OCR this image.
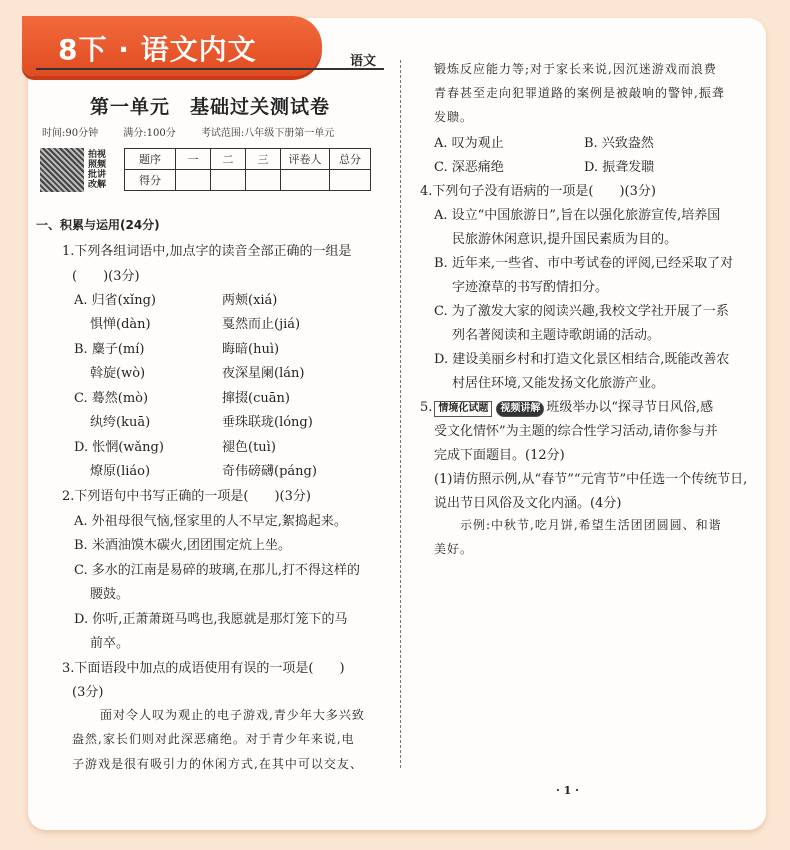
8下 · 语文内文	语文
第一单元　基础过关测试卷
时间:90分钟	满分:100分	考试范围:八年级下册第一单元
拍视照频批讲改解
题序	一	二	三	评卷人	总分
得分					
一、积累与运用(24分)
1.下列各组词语中,加点字的读音全部正确的一组是
(　　)(3分)
A. 归省(xǐng)	两颊(xiá)
惧惮(dàn)	戛然而止(jiá)
B. 麋子(mí)	晦暗(huì)
斡旋(wò)	夜深星阑(lán)
C. 蓦然(mò)	撺掇(cuān)
纨绔(kuā)	垂珠联珑(lóng)
D. 怅惘(wǎng)	褪色(tuì)
燎原(liáo)	奇伟磅礴(páng)
2.下列语句中书写正确的一项是(　　)(3分)
A. 外祖母很气恼,怪家里的人不早定,絮捣起来。
B. 米酒油馍木碳火,团团围定炕上坐。
C. 多水的江南是易碎的玻璃,在那儿,打不得这样的
腰鼓。
D. 你听,正萧萧斑马鸣也,我愿就是那灯笼下的马
前卒。
3.下面语段中加点的成语使用有误的一项是(　　)
(3分)
面对令人叹为观止的电子游戏,青少年大多兴致
盎然,家长们则对此深恶痛绝。对于青少年来说,电
子游戏是很有吸引力的休闲方式,在其中可以交友、
锻炼反应能力等;对于家长来说,因沉迷游戏而浪费
青春甚至走向犯罪道路的案例是被敲响的警钟,振聋
发聩。
A. 叹为观止	B. 兴致盎然
C. 深恶痛绝	D. 振聋发聩
4.下列句子没有语病的一项是(　　)(3分)
A. 设立“中国旅游日”,旨在以强化旅游宣传,培养国
民旅游休闲意识,提升国民素质为目的。
B. 近年来,一些省、市中考试卷的评阅,已经采取了对
字迹潦草的书写酌情扣分。
C. 为了激发大家的阅读兴趣,我校文学社开展了一系
列名著阅读和主题诗歌朗诵的活动。
D. 建设美丽乡村和打造文化景区相结合,既能改善农
村居住环境,又能发扬文化旅游产业。
5. 情境化试题 视频讲解 班级举办以“探寻节日风俗,感
受文化情怀”为主题的综合性学习活动,请你参与并
完成下面题目。(12分)
(1)请仿照示例,从“春节”“元宵节”中任选一个传统节日,
说出节日风俗及文化内涵。(4分)
示例:中秋节,吃月饼,希望生活团团圆圆、和谐
美好。
· 1 ·
